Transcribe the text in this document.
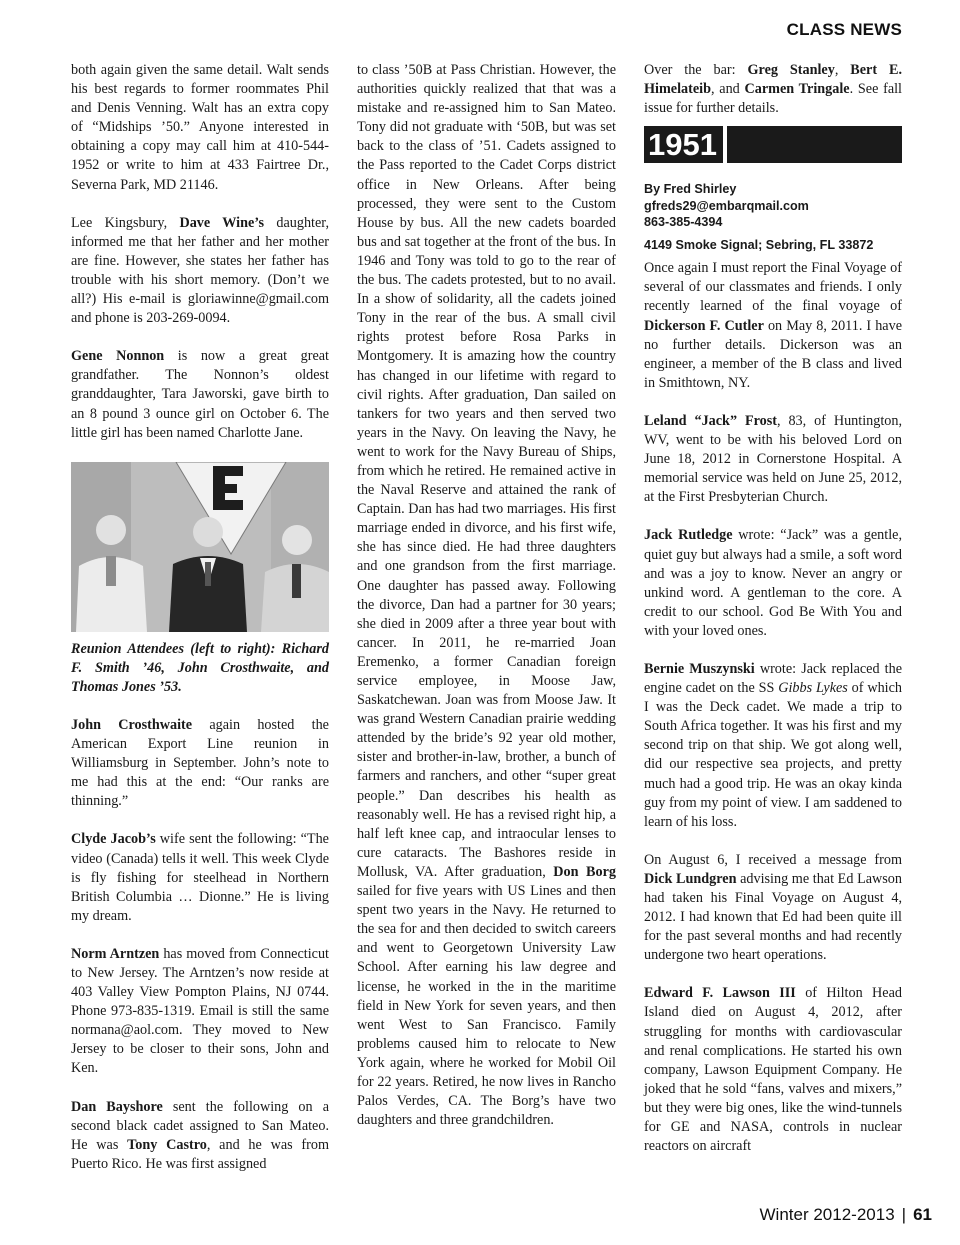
CLASS NEWS

both again given the same detail. Walt sends his best regards to former roommates Phil and Denis Venning. Walt has an extra copy of “Midships ’50.” Anyone interested in obtaining a copy may call him at 410-544-1952 or write to him at 433 Fairtree Dr., Severna Park, MD 21146.

Lee Kingsbury, Dave Wine’s daughter, informed me that her father and her mother are fine. However, she states her father has trouble with his short memory. (Don’t we all?) His e-mail is gloriawinne@gmail.com and phone is 203-269-0094.

Gene Nonnon is now a great great grandfather. The Nonnon’s oldest granddaughter, Tara Jaworski, gave birth to an 8 pound 3 ounce girl on October 6. The little girl has been named Charlotte Jane.

Reunion Attendees (left to right): Richard F. Smith ’46, John Crosthwaite, and Thomas Jones ’53.

John Crosthwaite again hosted the American Export Line reunion in Williamsburg in September. John’s note to me had this at the end: “Our ranks are thinning.”

Clyde Jacob’s wife sent the following: “The video (Canada) tells it well. This week Clyde is fly fishing for steelhead in Northern British Columbia … Dionne.” He is living my dream.

Norm Arntzen has moved from Connecticut to New Jersey. The Arntzen’s now reside at 403 Valley View Pompton Plains, NJ 0744. Phone 973-835-1319. Email is still the same normana@aol.com. They moved to New Jersey to be closer to their sons, John and Ken.

Dan Bayshore sent the following on a second black cadet assigned to San Mateo. He was Tony Castro, and he was from Puerto Rico. He was first assigned

to class ’50B at Pass Christian. However, the authorities quickly realized that that was a mistake and re-assigned him to San Mateo. Tony did not graduate with ‘50B, but was set back to the class of ’51. Cadets assigned to the Pass reported to the Cadet Corps district office in New Orleans. After being processed, they were sent to the Custom House by bus. All the new cadets boarded bus and sat together at the front of the bus. In 1946 and Tony was told to go to the rear of the bus. The cadets protested, but to no avail. In a show of solidarity, all the cadets joined Tony in the rear of the bus. A small civil rights protest before Rosa Parks in Montgomery. It is amazing how the country has changed in our lifetime with regard to civil rights. After graduation, Dan sailed on tankers for two years and then served two years in the Navy. On leaving the Navy, he went to work for the Navy Bureau of Ships, from which he retired. He remained active in the Naval Reserve and attained the rank of Captain. Dan has had two marriages. His first marriage ended in divorce, and his first wife, she has since died. He had three daughters and one grandson from the first marriage. One daughter has passed away. Following the divorce, Dan had a partner for 30 years; she died in 2009 after a three year bout with cancer. In 2011, he re-married Joan Eremenko, a former Canadian foreign service employee, in Moose Jaw, Saskatchewan. Joan was from Moose Jaw. It was grand Western Canadian prairie wedding attended by the bride’s 92 year old mother, sister and brother-in-law, brother, a bunch of farmers and ranchers, and other “super great people.” Dan describes his health as reasonably well. He has a revised right hip, a half left knee cap, and intraocular lenses to cure cataracts. The Bashores reside in Mollusk, VA. After graduation, Don Borg sailed for five years with US Lines and then spent two years in the Navy. He returned to the sea for and then decided to switch careers and went to Georgetown University Law School. After earning his law degree and license, he worked in the in the maritime field in New York for seven years, and then went West to San Francisco. Family problems caused him to relocate to New York again, where he worked for Mobil Oil for 22 years. Retired, he now lives in Rancho Palos Verdes, CA. The Borg’s have two daughters and three grandchildren.

Over the bar: Greg Stanley, Bert E. Himelateib, and Carmen Tringale. See fall issue for further details.

1951
By Fred Shirley
gfreds29@embarqmail.com
863-385-4394
4149 Smoke Signal; Sebring, FL 33872

Once again I must report the Final Voyage of several of our classmates and friends. I only recently learned of the final voyage of Dickerson F. Cutler on May 8, 2011. I have no further details. Dickerson was an engineer, a member of the B class and lived in Smithtown, NY.

Leland “Jack” Frost, 83, of Huntington, WV, went to be with his beloved Lord on June 18, 2012 in Cornerstone Hospital. A memorial service was held on June 25, 2012, at the First Presbyterian Church.

Jack Rutledge wrote: “Jack” was a gentle, quiet guy but always had a smile, a soft word and was a joy to know. Never an angry or unkind word. A gentleman to the core. A credit to our school. God Be With You and with your loved ones.

Bernie Muszynski wrote: Jack replaced the engine cadet on the SS Gibbs Lykes of which I was the Deck cadet. We made a trip to South Africa together. It was his first and my second trip on that ship. We got along well, did our respective sea projects, and pretty much had a good trip. He was an okay kinda guy from my point of view. I am saddened to learn of his loss.

On August 6, I received a message from Dick Lundgren advising me that Ed Lawson had taken his Final Voyage on August 4, 2012. I had known that Ed had been quite ill for the past several months and had recently undergone two heart operations.

Edward F. Lawson III of Hilton Head Island died on August 4, 2012, after struggling for months with cardiovascular and renal complications. He started his own company, Lawson Equipment Company. He joked that he sold “fans, valves and mixers,” but they were big ones, like the wind-tunnels for GE and NASA, controls in nuclear reactors on aircraft

Winter 2012-2013 | 61
